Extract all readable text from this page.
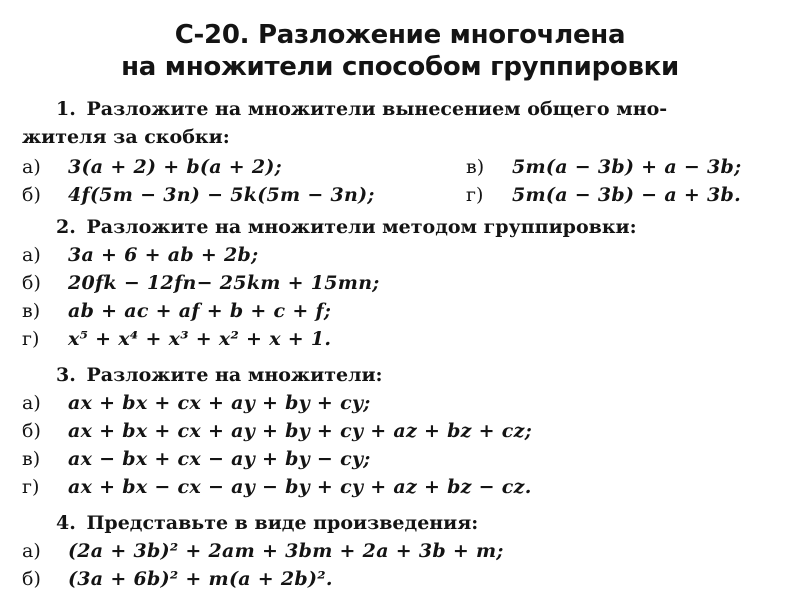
С-20. Разложение многочлена
на множители способом группировки
1. Разложите на множители вынесением общего мно-
жителя за скобки:
а) 3(a + 2) + b(a + 2);	в) 5m(a − 3b) + a − 3b;
б) 4f(5m − 3n) − 5k(5m − 3n);	г) 5m(a − 3b) − a + 3b.
2. Разложите на множители методом группировки:
а) 3a + 6 + ab + 2b;
б) 20fk − 12fn− 25km + 15mn;
в) ab + ac + af + b + c + f;
г) x⁵ + x⁴ + x³ + x² + x + 1.
3. Разложите на множители:
а) ax + bx + cx + ay + by + cy;
б) ax + bx + cx + ay + by + cy + az + bz + cz;
в) ax − bx + cx − ay + by − cy;
г) ax + bx − cx − ay − by + cy + az + bz − cz.
4. Представьте в виде произведения:
а) (2a + 3b)² + 2am + 3bm + 2a + 3b + m;
б) (3a + 6b)² + m(a + 2b)².
